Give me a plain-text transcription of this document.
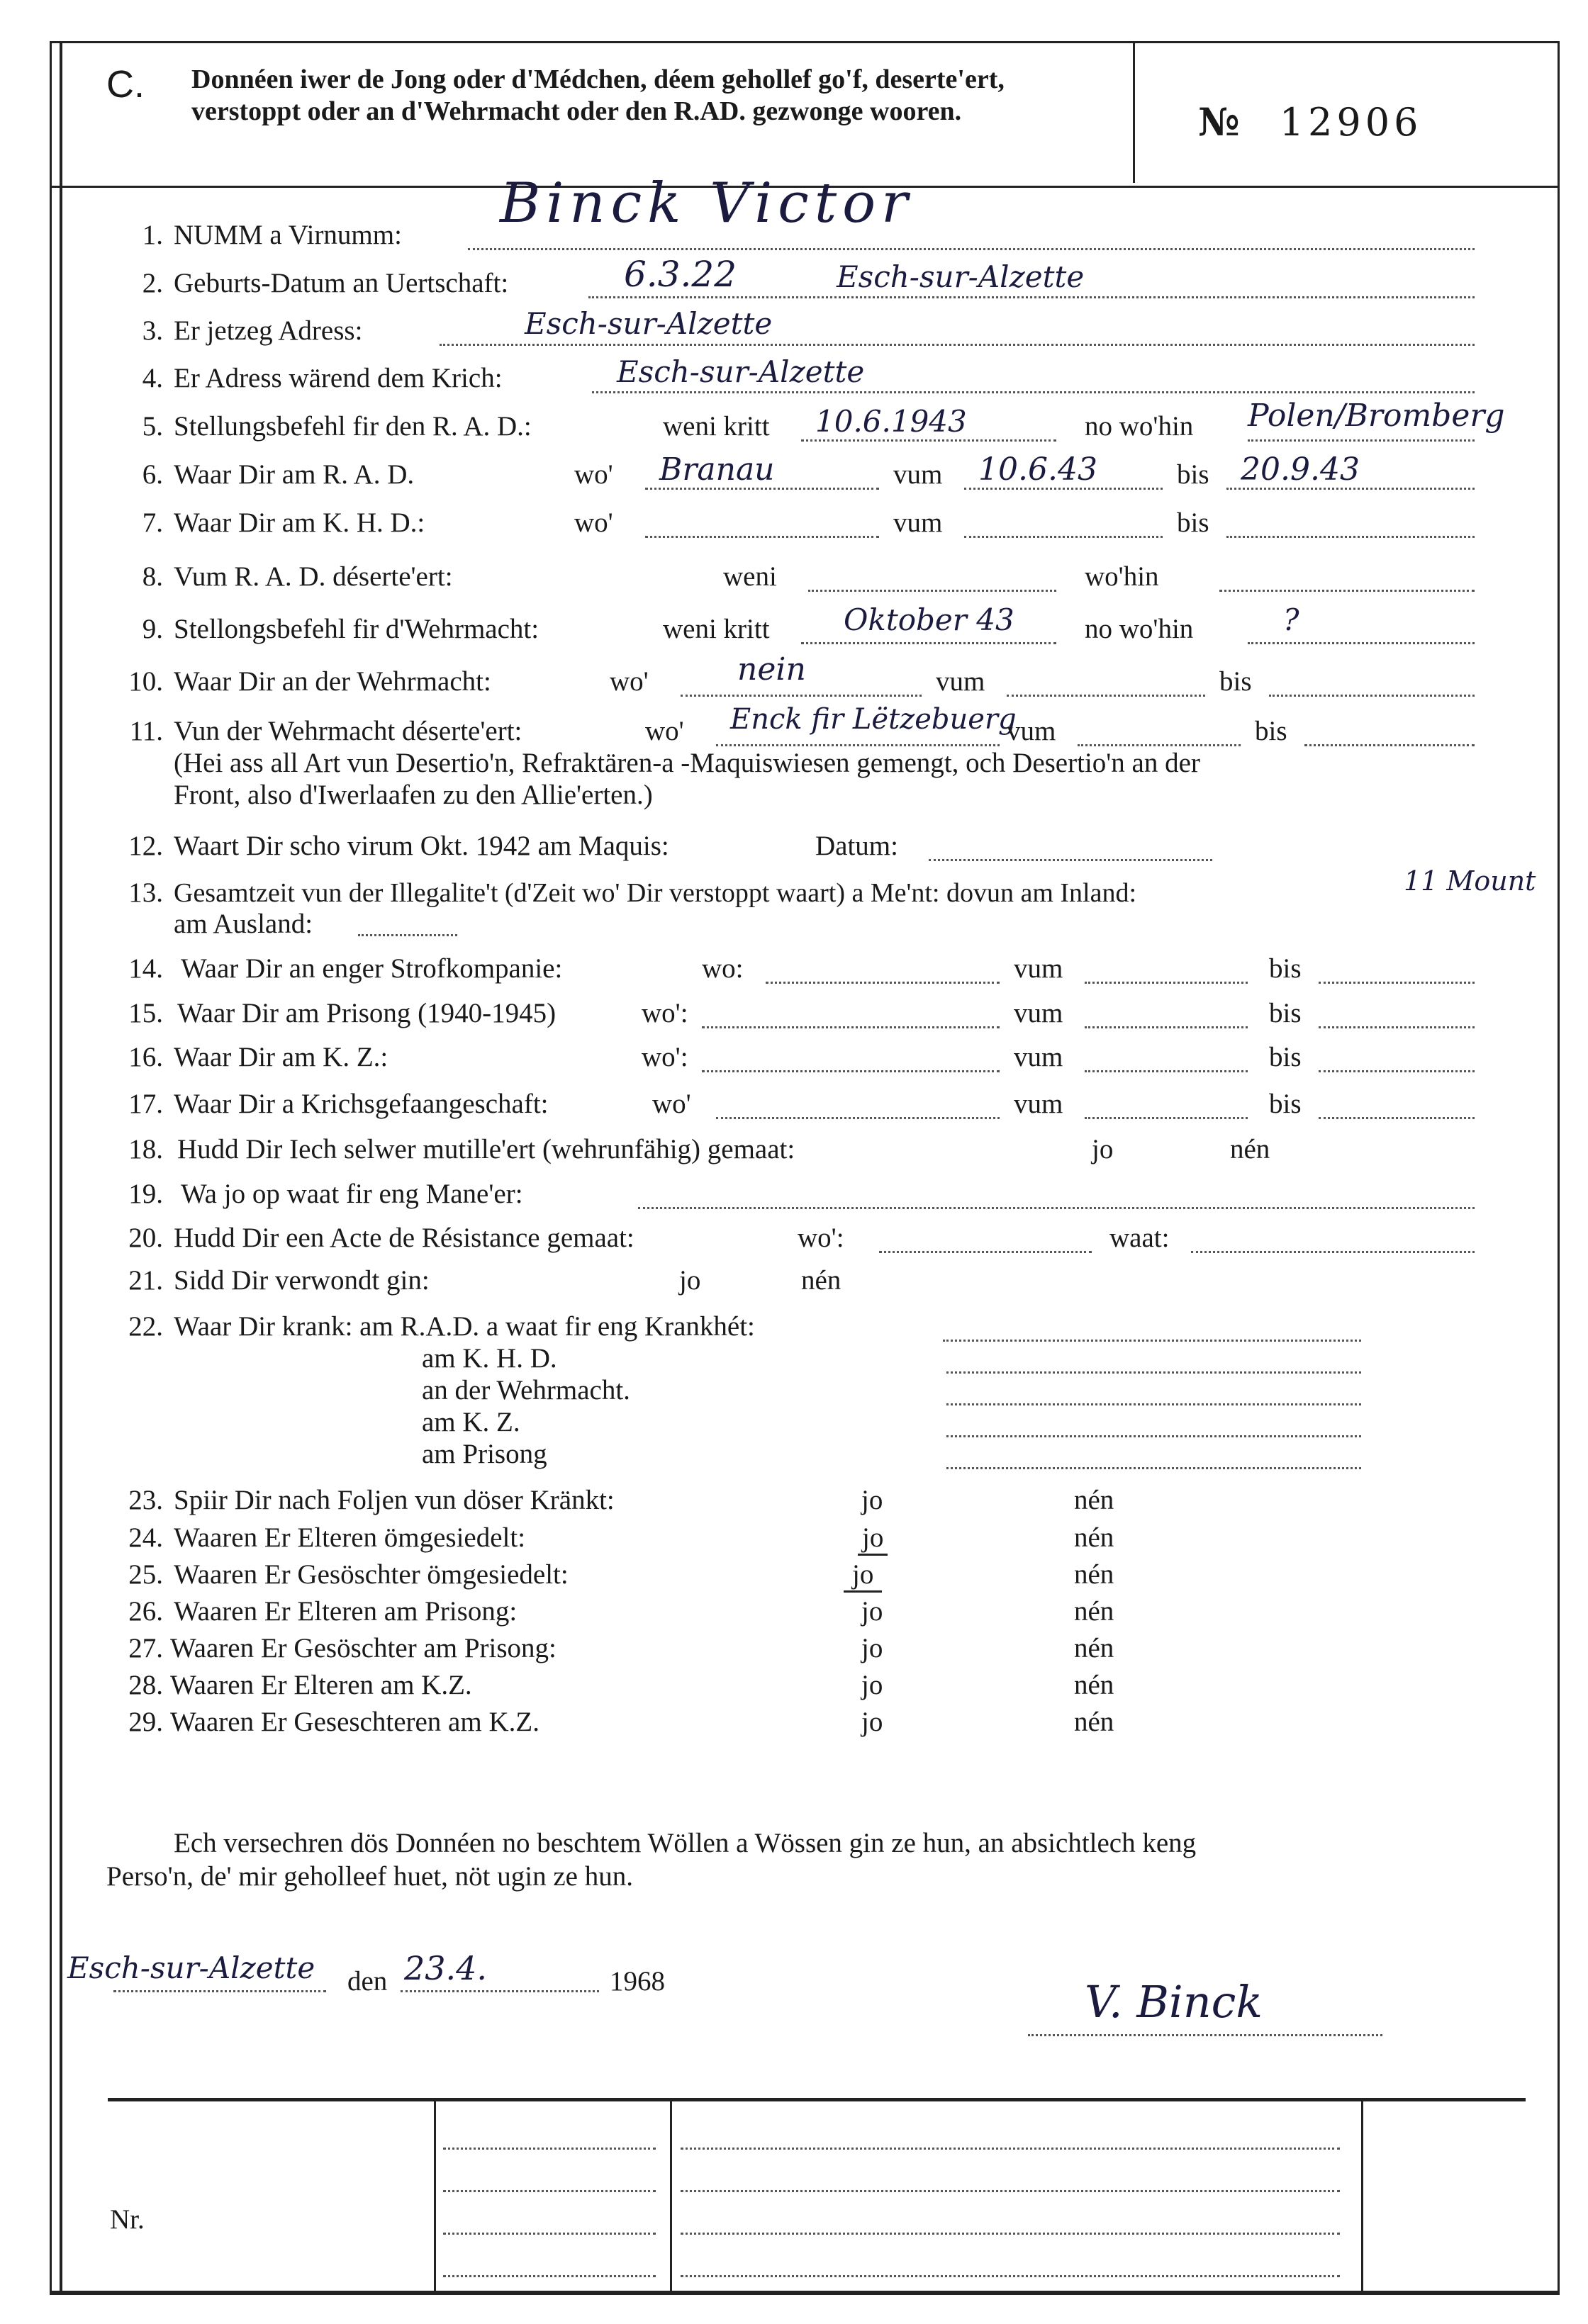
C. Donnéen iwer de Jong oder d'Médchen, déem gehollef go'f, deserte'ert, verstoppt oder an d'Wehrmacht oder den R.AD. gezwonge wooren.	№ 12906
1. NUMM a Virnumm: Binck Victor
2. Geburts-Datum an Uertschaft:	6.3.22	Esch-sur-Alzette
3. Er jetzeg Adress:	Esch-sur-Alzette
4. Er Adress wärend dem Krich:	Esch-sur-Alzette
5. Stellungsbefehl fir den R. A. D.:	weni kritt 10.6.1943	no wo'hin Polen/Bromberg
6. Waar Dir am R. A. D.	wo' Branau	vum 10.6.43	bis 20.9.43
7. Waar Dir am K. H. D.:	wo'	vum	bis
8. Vum R. A. D. déserte'ert:	weni	wo'hin
9. Stellongsbefehl fir d'Wehrmacht:	weni kritt Oktober 43	no wo'hin	?
10. Waar Dir an der Wehrmacht:	wo'	nein	vum	bis
11. Vun der Wehrmacht déserte'ert:	wo' Enck fir Lëtzebuerg
vum	bis
(Hei ass all Art vun Desertio'n, Refraktären-a -Maquiswiesen gemengt, och Desertio'n an der
Front, also d'Iwerlaafen zu den Allie'erten.)
12. Waart Dir scho virum Okt. 1942 am Maquis:	Datum:
13. Gesamtzeit vun der Illegalite't (d'Zeit wo' Dir verstoppt waart) a Me'nt: dovun am Inland:	11 Mount
am Ausland:
14. Waar Dir an enger Strofkompanie:	wo:	vum	bis
15. Waar Dir am Prisong (1940-1945)	wo':	vum	bis
16. Waar Dir am K. Z.:	wo':	vum	bis
17. Waar Dir a Krichsgefaangeschaft:	wo'	vum	bis
18. Hudd Dir Iech selwer mutille'ert (wehrunfähig) gemaat:	jo	nén
19. Wa jo op waat fir eng Mane'er:
20. Hudd Dir een Acte de Résistance gemaat:	wo':	waat:
21. Sidd Dir verwondt gin:	jo	nén
22. Waar Dir krank: am R.A.D. a waat fir eng Krankhét:
am K. H. D.
an der Wehrmacht.
am K. Z.
am Prisong
23. Spiir Dir nach Foljen vun döser Kränkt:	jo	nén
24. Waaren Er Elteren ömgesiedelt:	jo	nén
25. Waaren Er Gesöschter ömgesiedelt:	jo	nén
26. Waaren Er Elteren am Prisong:	jo	nén
27. Waaren Er Gesöschter am Prisong:	jo	nén
28. Waaren Er Elteren am K.Z.	jo	nén
29. Waaren Er Geseschteren am K.Z.	jo	nén
Ech versechren dös Donnéen no beschtem Wöllen a Wössen gin ze hun, an absichtlech keng
Perso'n, de' mir geholleef huet, nöt ugin ze hun.
Esch-sur-Alzette den 23.4.	1968	V. Binck
Nr.
